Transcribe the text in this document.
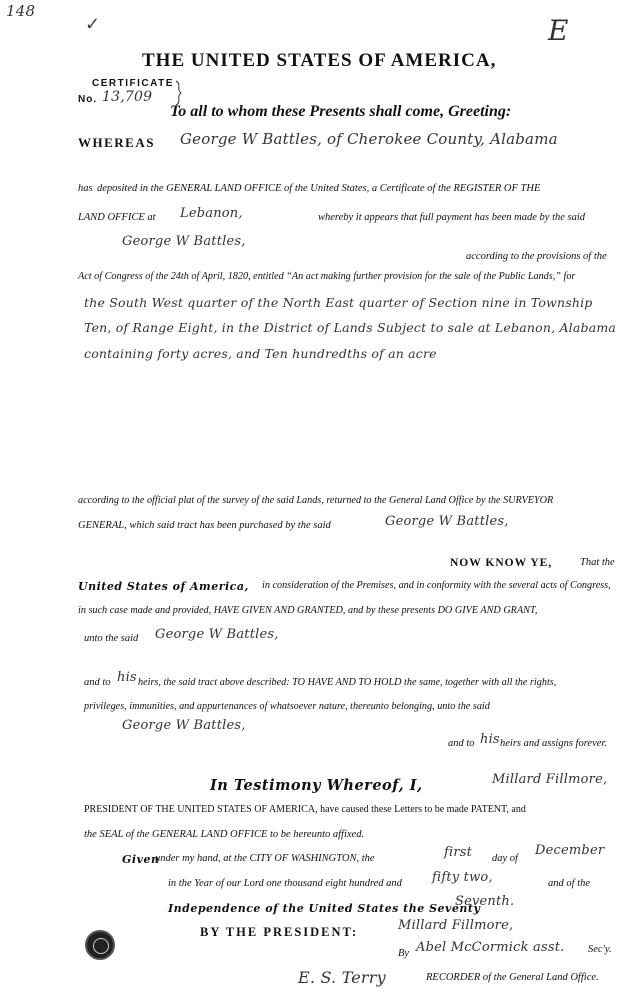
148
✓	E
THE UNITED STATES OF AMERICA,
CERTIFICATE
No. 13,709
To all to whom these Presents shall come, Greeting:
WHEREAS George W Battles, of Cherokee County, Alabama
has deposited in the GENERAL LAND OFFICE of the United States, a Certificate of the REGISTER OF THE
LAND OFFICE at Lebanon,	whereby it appears that full payment has been made by the said
George W Battles,
according to the provisions of the
Act of Congress of the 24th of April, 1820, entitled “An act making further provision for the sale of the Public Lands,” for
the South West quarter of the North East quarter of Section nine in Township
Ten, of Range Eight, in the District of Lands Subject to sale at Lebanon, Alabama
containing forty acres, and Ten hundredths of an acre
according to the official plat of the survey of the said Lands, returned to the General Land Office by the SURVEYOR
GENERAL, which said tract has been purchased by the said	George W Battles,
NOW KNOW YE,	That the
United States of America, in consideration of the Premises, and in conformity with the several acts of Congress,
in such case made and provided, HAVE GIVEN AND GRANTED, and by these presents DO GIVE AND GRANT,
unto the said George W Battles,
and to his heirs, the said tract above described: TO HAVE AND TO HOLD the same, together with all the rights,
privileges, immunities, and appurtenances of whatsoever nature, thereunto belonging, unto the said
George W Battles,
and to his heirs and assigns forever.
In Testimony Whereof, I,	Millard Fillmore,
PRESIDENT OF THE UNITED STATES OF AMERICA, have caused these Letters to be made PATENT, and
the SEAL of the GENERAL LAND OFFICE to be hereunto affixed.
Given
under my hand, at the CITY OF WASHINGTON, the	first day of
December
in the Year of our Lord one thousand eight hundred and fifty two,	and of the
Independence of the United States the Seventy
Seventh.
BY THE PRESIDENT:	Millard Fillmore,
By Abel McCormick asst. Sec'y.
E. S. Terry	RECORDER of the General Land Office.
